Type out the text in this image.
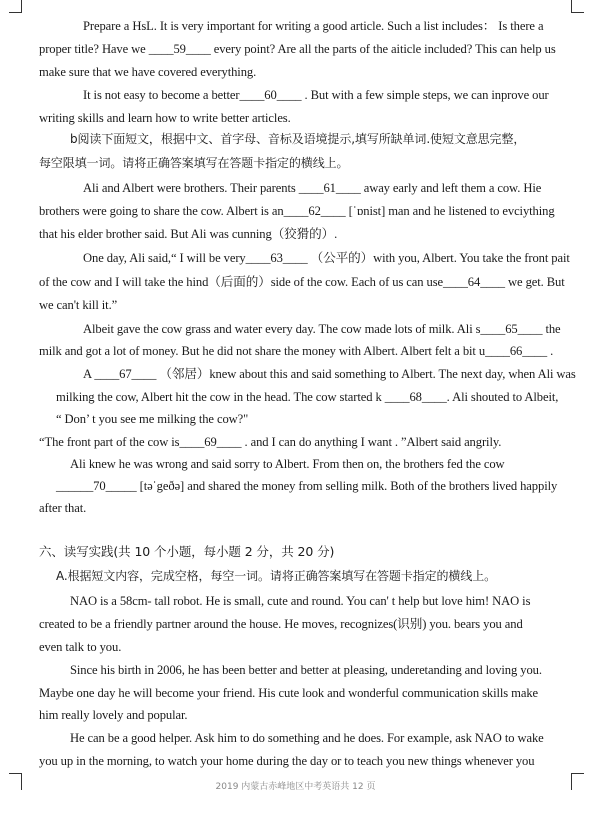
Prepare a HsL. It is very important for writing a good article. Such a list includes： Is there a
proper title? Have we ____59____ every point? Are all the parts of the aiticle included? This can help us
make sure that we have covered everything.
It is not easy to become a better____60____ . But with a few simple steps, we can inprove our
writing skills and learn how to write better articles.
b阅读下面短文，根据中文、首字母、音标及语境提示,填写所缺单词.使短文意思完整，
每空限填一词。请将正确答案填写在答题卡指定的横线上。
Ali and Albert were brothers. Their parents ____61____ away early and left them a cow. Hie
brothers were going to share the cow. Albert is an____62____ [ˈɒnist] man and he listened to evciything
that his elder brother said. But Ali was cunning（狡猾的）.
One day, Ali said,“ I will be very____63____ （公平的）with you, Albert. You take the front pait
of the cow and I will take the hind（后面的）side of the cow. Each of us can use____64____ we get. But
we can't kill it.”
Albeit gave the cow grass and water every day. The cow made lots of milk. Ali s____65____ the
milk and got a lot of money. But he did not share the money with Albert. Albert felt a bit u____66____ .
A ____67____ （邻居）knew about this and said something to Albert. The next day, when Ali was
milking the cow, Albert hit the cow in the head. The cow started k ____68____. Ali shouted to Albeit,
“ Don’ t you see me milking the cow?"
“The front part of the cow is____69____ . and I can do anything I want . ”Albert said angrily.
Ali knew he was wrong and said sorry to Albert. From then on, the brothers fed the cow
______70_____ [təˈgeðə] and shared the money from selling milk. Both of the brothers lived happily
after that.
六、读写实践(共 10 个小题，每小题 2 分，共 20 分)
A.根据短文内容，完成空格，每空一词。请将正确答案填写在答题卡指定的横线上。
NAO is a 58cm- tall robot. He is small, cute and round. You can' t help but love him! NAO is
created to be a friendly partner around the house. He moves, recognizes(识别) you. bears you and
even talk to you.
Since his birth in 2006, he has been better and better at pleasing, underetanding and loving you.
Maybe one day he will become your friend. His cute look and wonderful communication skills make
him really lovely and popular.
He can be a good helper. Ask him to do something and he does. For example, ask NAO to wake
you up in the morning, to watch your home during the day or to teach you new things whenever you
2019 内蒙古赤峰地区中考英语共 12 页
